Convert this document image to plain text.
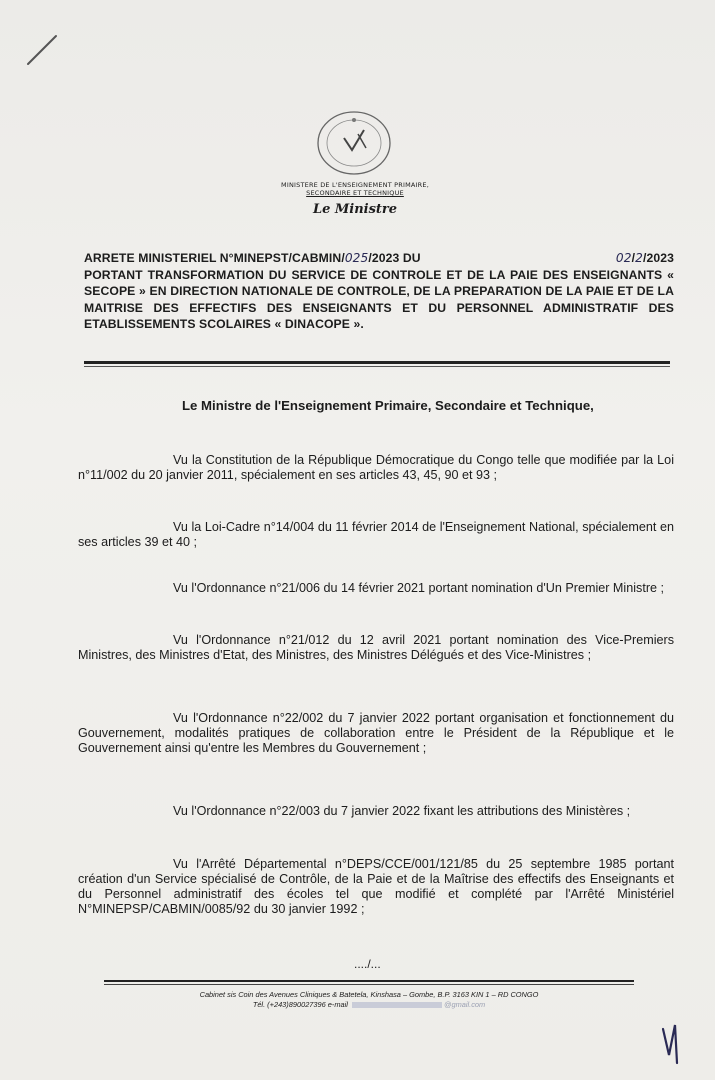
MINISTERE DE L'ENSEIGNEMENT PRIMAIRE,
SECONDAIRE ET TECHNIQUE
Le Ministre
ARRETE MINISTERIEL N°MINEPST/CABMIN/025/2023 DU	02/2/2023
PORTANT TRANSFORMATION DU SERVICE DE CONTROLE ET DE LA PAIE DES ENSEIGNANTS « SECOPE » EN DIRECTION NATIONALE DE CONTROLE, DE LA PREPARATION DE LA PAIE ET DE LA MAITRISE DES EFFECTIFS DES ENSEIGNANTS ET DU PERSONNEL ADMINISTRATIF DES ETABLISSEMENTS SCOLAIRES « DINACOPE ».
Le Ministre de l'Enseignement Primaire, Secondaire et Technique,
Vu la Constitution de la République Démocratique du Congo telle que modifiée par la Loi n°11/002 du 20 janvier 2011, spécialement en ses articles 43, 45, 90 et 93 ;
Vu la Loi-Cadre n°14/004 du 11 février 2014 de l'Enseignement National, spécialement en ses articles 39 et 40 ;
Vu l'Ordonnance n°21/006 du 14 février 2021 portant nomination d'Un Premier Ministre ;
Vu l'Ordonnance n°21/012 du 12 avril 2021 portant nomination des Vice-Premiers Ministres, des Ministres d'Etat, des Ministres, des Ministres Délégués et des Vice-Ministres ;
Vu l'Ordonnance n°22/002 du 7 janvier 2022 portant organisation et fonctionnement du Gouvernement, modalités pratiques de collaboration entre le Président de la République et le Gouvernement ainsi qu'entre les Membres du Gouvernement ;
Vu l'Ordonnance n°22/003 du 7 janvier 2022 fixant les attributions des Ministères ;
Vu l'Arrêté Départemental n°DEPS/CCE/001/121/85 du 25 septembre 1985 portant création d'un Service spécialisé de Contrôle, de la Paie et de la Maîtrise des effectifs des Enseignants et du Personnel administratif des écoles tel que modifié et complété par l'Arrêté Ministériel N°MINEPSP/CABMIN/0085/92 du 30 janvier 1992 ;
..../...
Cabinet sis Coin des Avenues Cliniques & Batetela, Kinshasa – Gombe, B.P. 3163 KIN 1 – RD CONGO
Tél. (+243)890027396 e-mail	@gmail.com
